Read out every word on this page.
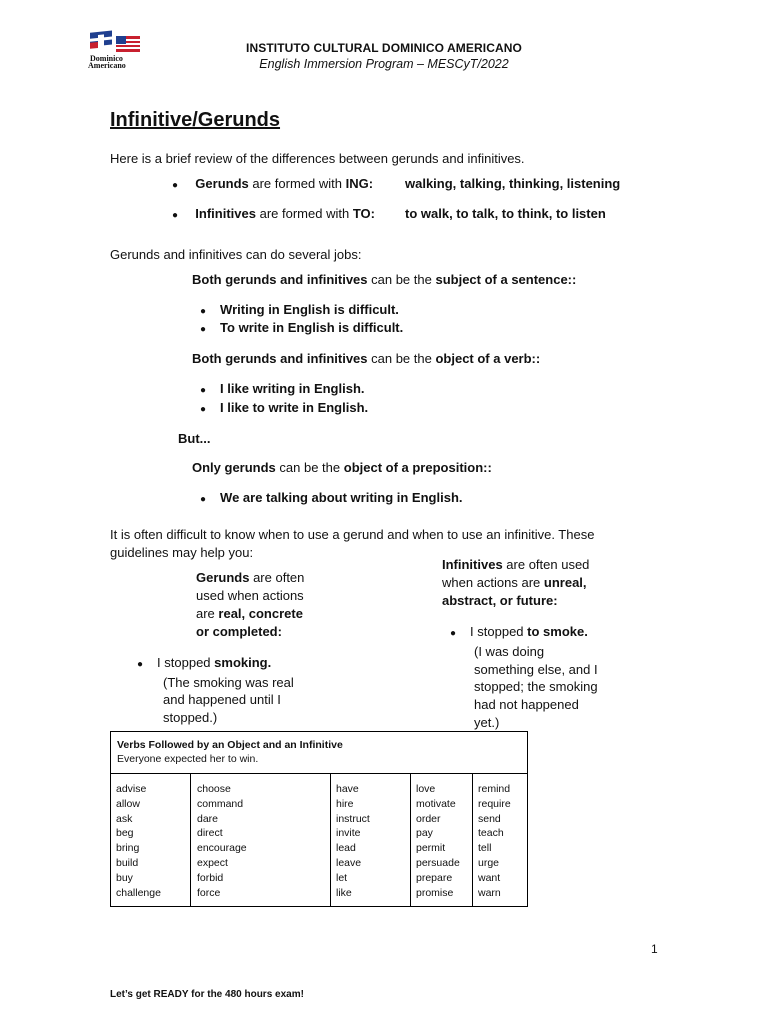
Dominico
Americano
INSTITUTO CULTURAL DOMINICO AMERICANO
English Immersion Program – MESCyT/2022
Infinitive/Gerunds
Here is a brief review of the differences between gerunds and infinitives.
● Gerunds are formed with ING: walking, talking, thinking, listening
● Infinitives are formed with TO: to walk, to talk, to think, to listen
Gerunds and infinitives can do several jobs:
Both gerunds and infinitives can be the subject of a sentence::
● Writing in English is difficult.
● To write in English is difficult.
Both gerunds and infinitives can be the object of a verb::
● I like writing in English.
● I like to write in English.
But...
Only gerunds can be the object of a preposition::
● We are talking about writing in English.
It is often difficult to know when to use a gerund and when to use an infinitive. These
guidelines may help you:
Gerunds are often
used when actions
are real, concrete
or completed:
● I stopped smoking.
(The smoking was real
and happened until I
stopped.)
Infinitives are often used
when actions are unreal,
abstract, or future:
● I stopped to smoke.
(I was doing
something else, and I
stopped; the smoking
had not happened
yet.)
Verbs Followed by an Object and an Infinitive
Everyone expected her to win.
advise
allow
ask
beg
bring
build
buy
challenge
choose
command
dare
direct
encourage
expect
forbid
force
have
hire
instruct
invite
lead
leave
let
like
love
motivate
order
pay
permit
persuade
prepare
promise
remind
require
send
teach
tell
urge
want
warn
1
Let’s get READY for the 480 hours exam!
